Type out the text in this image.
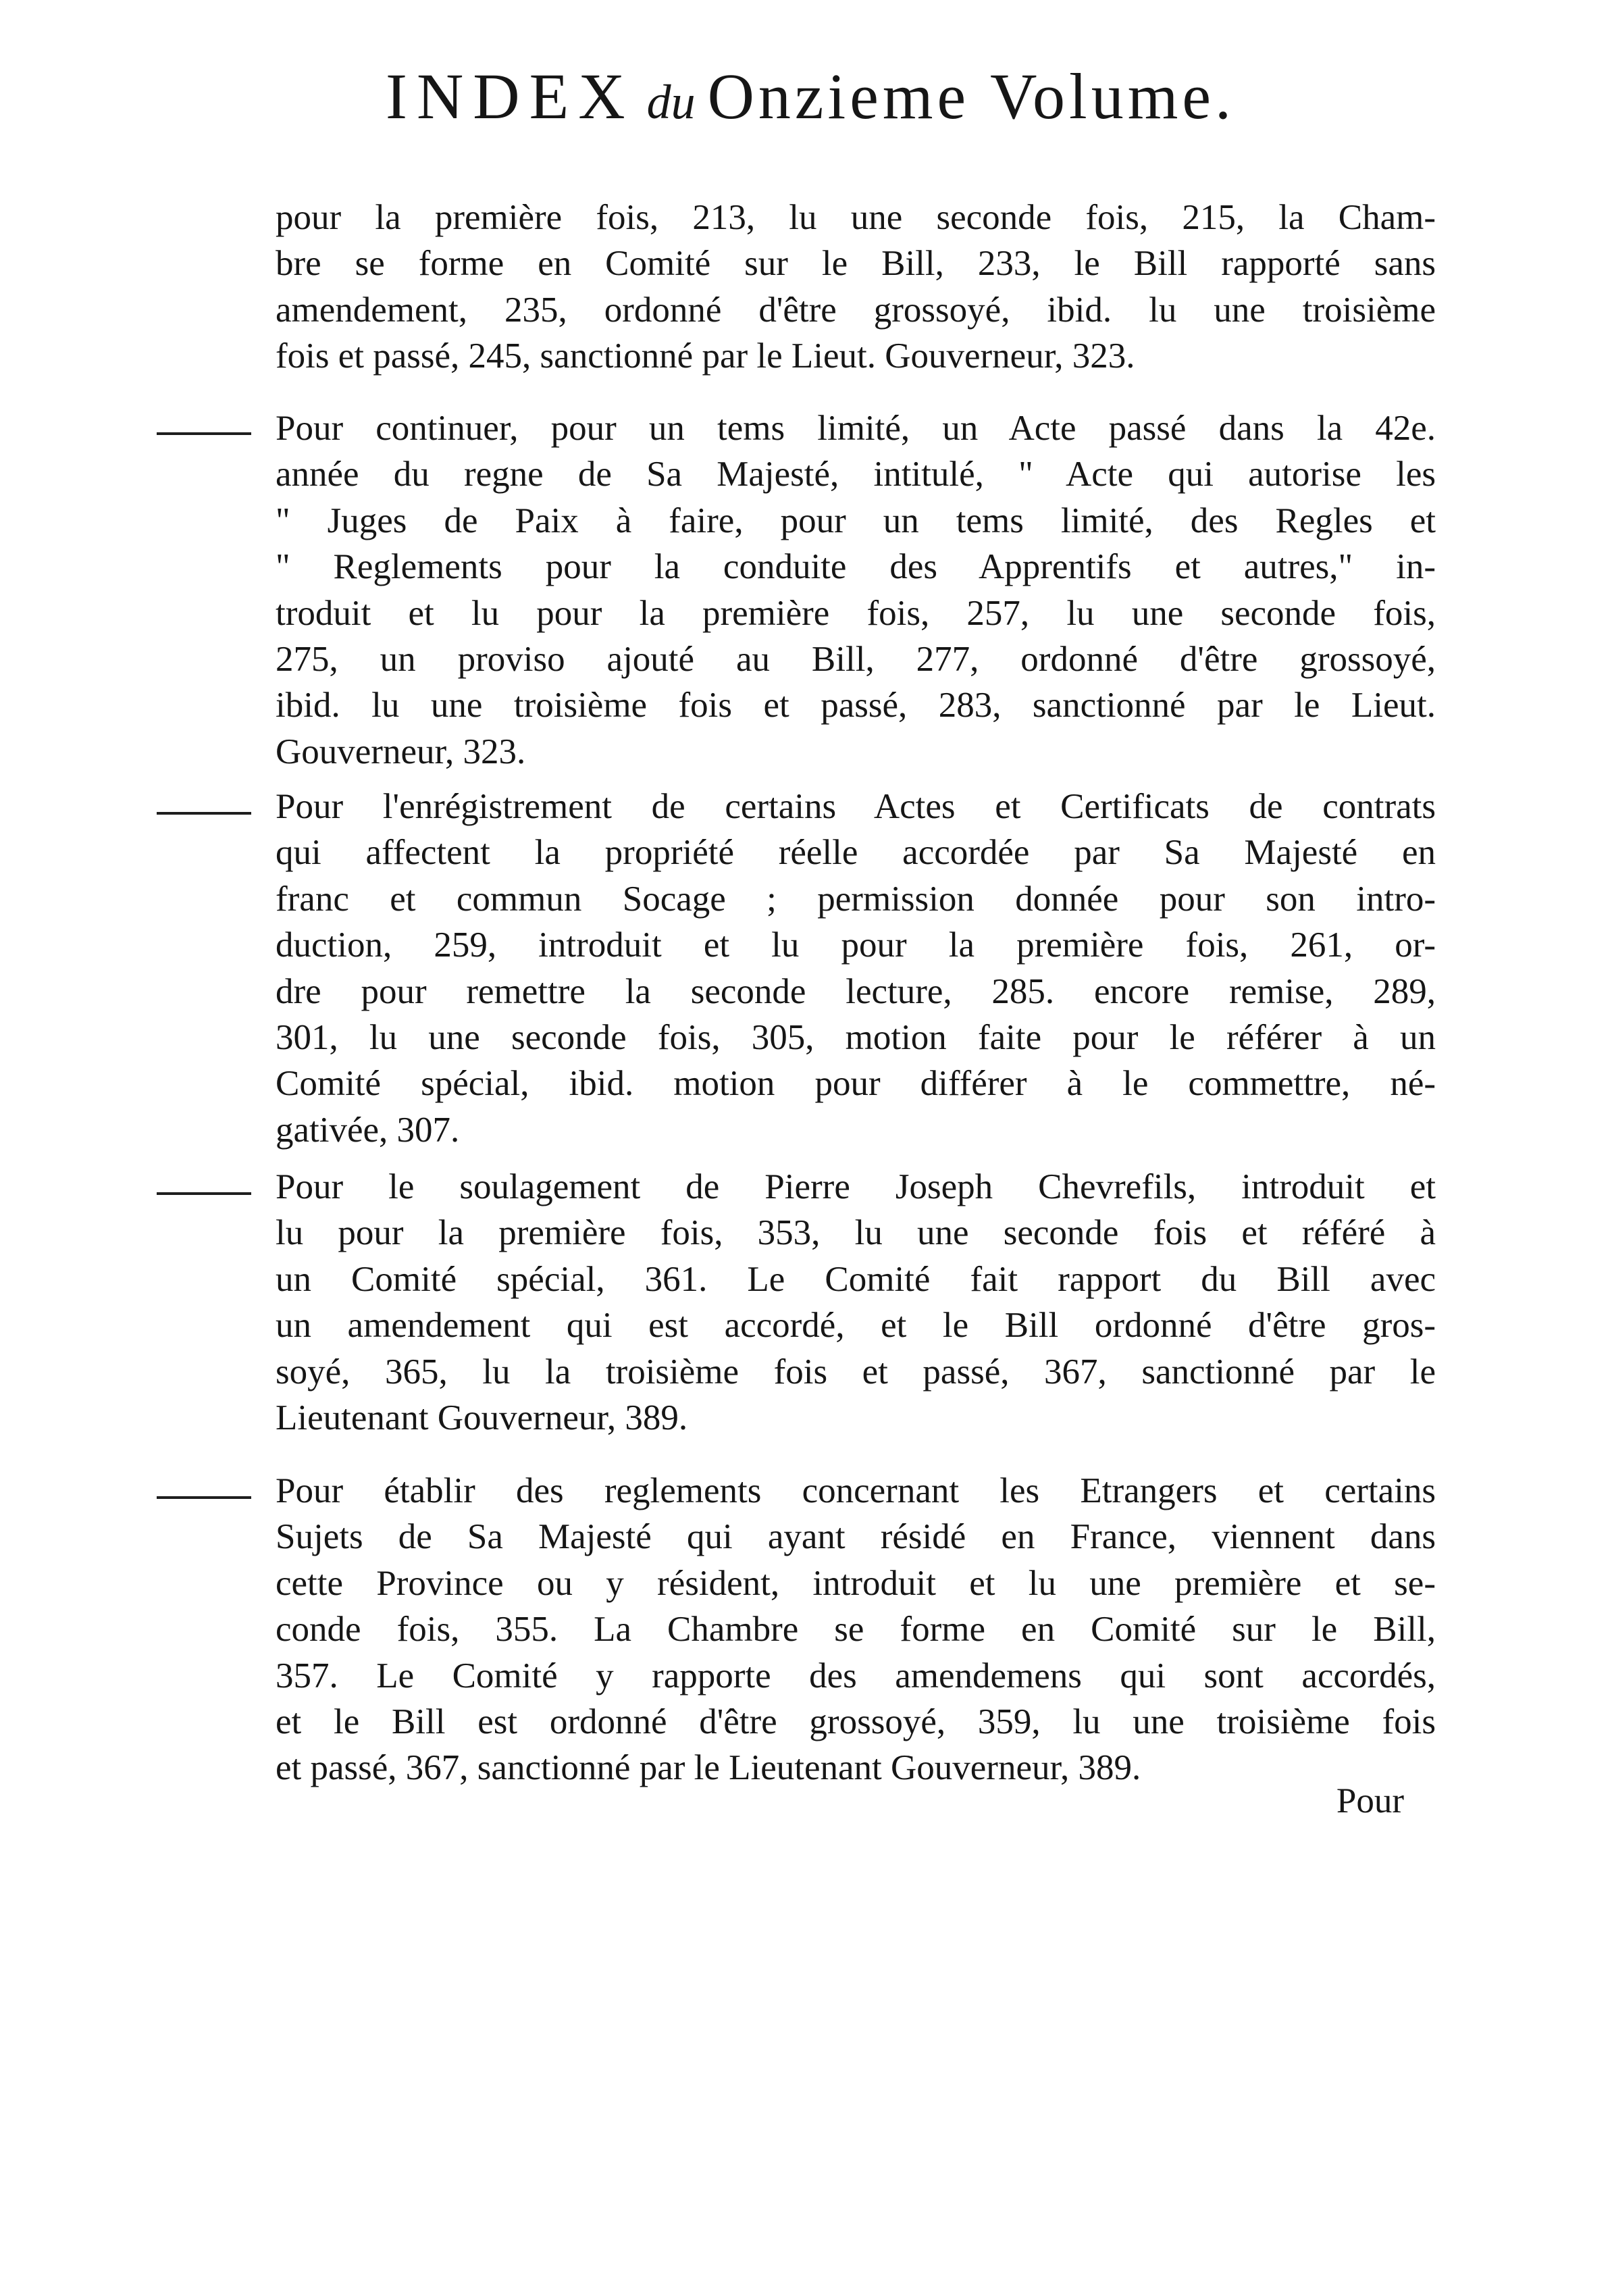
INDEX du Onzieme Volume.
pour la première fois, 213, lu une seconde fois, 215, la Cham-
bre se forme en Comité sur le Bill, 233, le Bill rapporté sans
amendement, 235, ordonné d'être grossoyé, ibid. lu une troisième
fois et passé, 245, sanctionné par le Lieut. Gouverneur, 323.
Pour continuer, pour un tems limité, un Acte passé dans la 42e.
année du regne de Sa Majesté, intitulé, " Acte qui autorise les
" Juges de Paix à faire, pour un tems limité, des Regles et
" Reglements pour la conduite des Apprentifs et autres," in-
troduit et lu pour la première fois, 257, lu une seconde fois,
275, un proviso ajouté au Bill, 277, ordonné d'être grossoyé,
ibid. lu une troisième fois et passé, 283, sanctionné par le Lieut.
Gouverneur, 323.
Pour l'enrégistrement de certains Actes et Certificats de contrats
qui affectent la propriété réelle accordée par Sa Majesté en
franc et commun Socage ; permission donnée pour son intro-
duction, 259, introduit et lu pour la première fois, 261, or-
dre pour remettre la seconde lecture, 285. encore remise, 289,
301, lu une seconde fois, 305, motion faite pour le référer à un
Comité spécial, ibid. motion pour différer à le commettre, né-
gativée, 307.
Pour le soulagement de Pierre Joseph Chevrefils, introduit et
lu pour la première fois, 353, lu une seconde fois et référé à
un Comité spécial, 361. Le Comité fait rapport du Bill avec
un amendement qui est accordé, et le Bill ordonné d'être gros-
soyé, 365, lu la troisième fois et passé, 367, sanctionné par le
Lieutenant Gouverneur, 389.
Pour établir des reglements concernant les Etrangers et certains
Sujets de Sa Majesté qui ayant résidé en France, viennent dans
cette Province ou y résident, introduit et lu une première et se-
conde fois, 355. La Chambre se forme en Comité sur le Bill,
357. Le Comité y rapporte des amendemens qui sont accordés,
et le Bill est ordonné d'être grossoyé, 359, lu une troisième fois
et passé, 367, sanctionné par le Lieutenant Gouverneur, 389.
Pour
